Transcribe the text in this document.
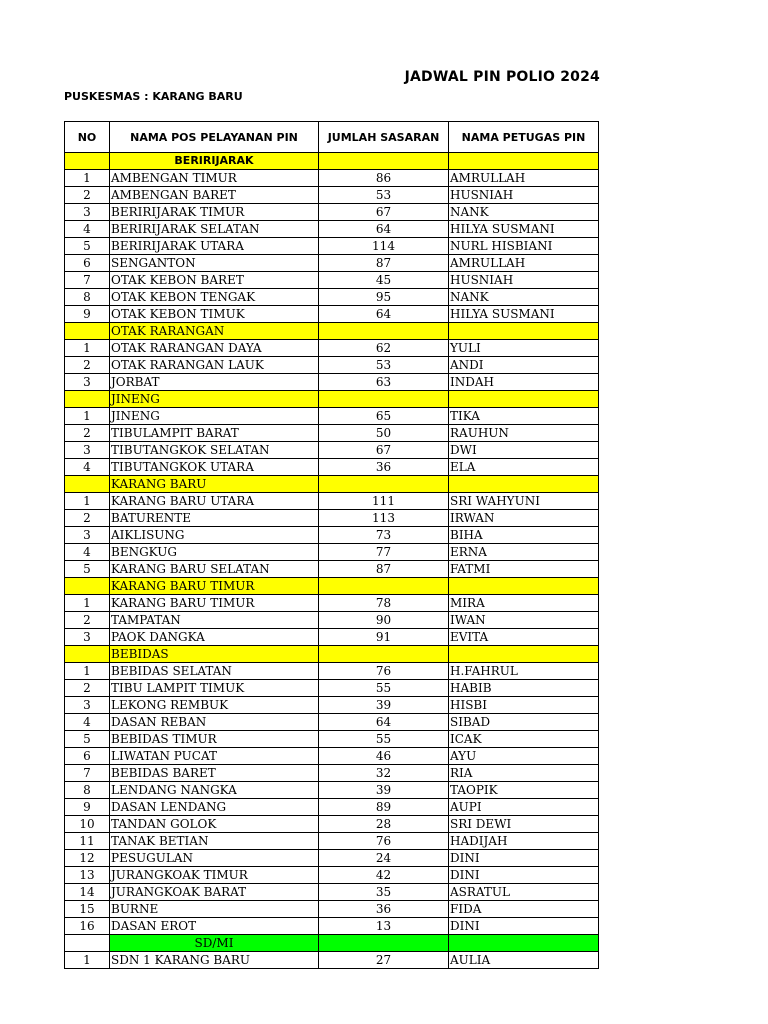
JADWAL PIN POLIO 2024
PUSKESMAS : KARANG BARU
NO	NAMA POS PELAYANAN PIN	JUMLAH SASARAN	NAMA PETUGAS PIN
	BERIRIJARAK		
1	AMBENGAN TIMUR	86	AMRULLAH
2	AMBENGAN BARET	53	HUSNIAH
3	BERIRIJARAK TIMUR	67	NANK
4	BERIRIJARAK SELATAN	64	HILYA SUSMANI
5	BERIRIJARAK UTARA	114	NURL HISBIANI
6	SENGANTON	87	AMRULLAH
7	OTAK KEBON BARET	45	HUSNIAH
8	OTAK KEBON TENGAK	95	NANK
9	OTAK KEBON TIMUK	64	HILYA SUSMANI
	OTAK RARANGAN		
1	OTAK RARANGAN DAYA	62	YULI
2	OTAK RARANGAN LAUK	53	ANDI
3	JORBAT	63	INDAH
	JINENG		
1	JINENG	65	TIKA
2	TIBULAMPIT BARAT	50	RAUHUN
3	TIBUTANGKOK SELATAN	67	DWI
4	TIBUTANGKOK UTARA	36	ELA
	KARANG BARU		
1	KARANG BARU UTARA	111	SRI WAHYUNI
2	BATURENTE	113	IRWAN
3	AIKLISUNG	73	BIHA
4	BENGKUG	77	ERNA
5	KARANG BARU SELATAN	87	FATMI
	KARANG BARU TIMUR		
1	KARANG BARU TIMUR	78	MIRA
2	TAMPATAN	90	IWAN
3	PAOK DANGKA	91	EVITA
	BEBIDAS		
1	BEBIDAS SELATAN	76	H.FAHRUL
2	TIBU LAMPIT TIMUK	55	HABIB
3	LEKONG REMBUK	39	HISBI
4	DASAN REBAN	64	SIBAD
5	BEBIDAS TIMUR	55	ICAK
6	LIWATAN PUCAT	46	AYU
7	BEBIDAS BARET	32	RIA
8	LENDANG NANGKA	39	TAOPIK
9	DASAN LENDANG	89	AUPI
10	TANDAN GOLOK	28	SRI DEWI
11	TANAK BETIAN	76	HADIJAH
12	PESUGULAN	24	DINI
13	JURANGKOAK TIMUR	42	DINI
14	JURANGKOAK BARAT	35	ASRATUL
15	BURNE	36	FIDA
16	DASAN EROT	13	DINI
	SD/MI		
1	SDN 1 KARANG BARU	27	AULIA
